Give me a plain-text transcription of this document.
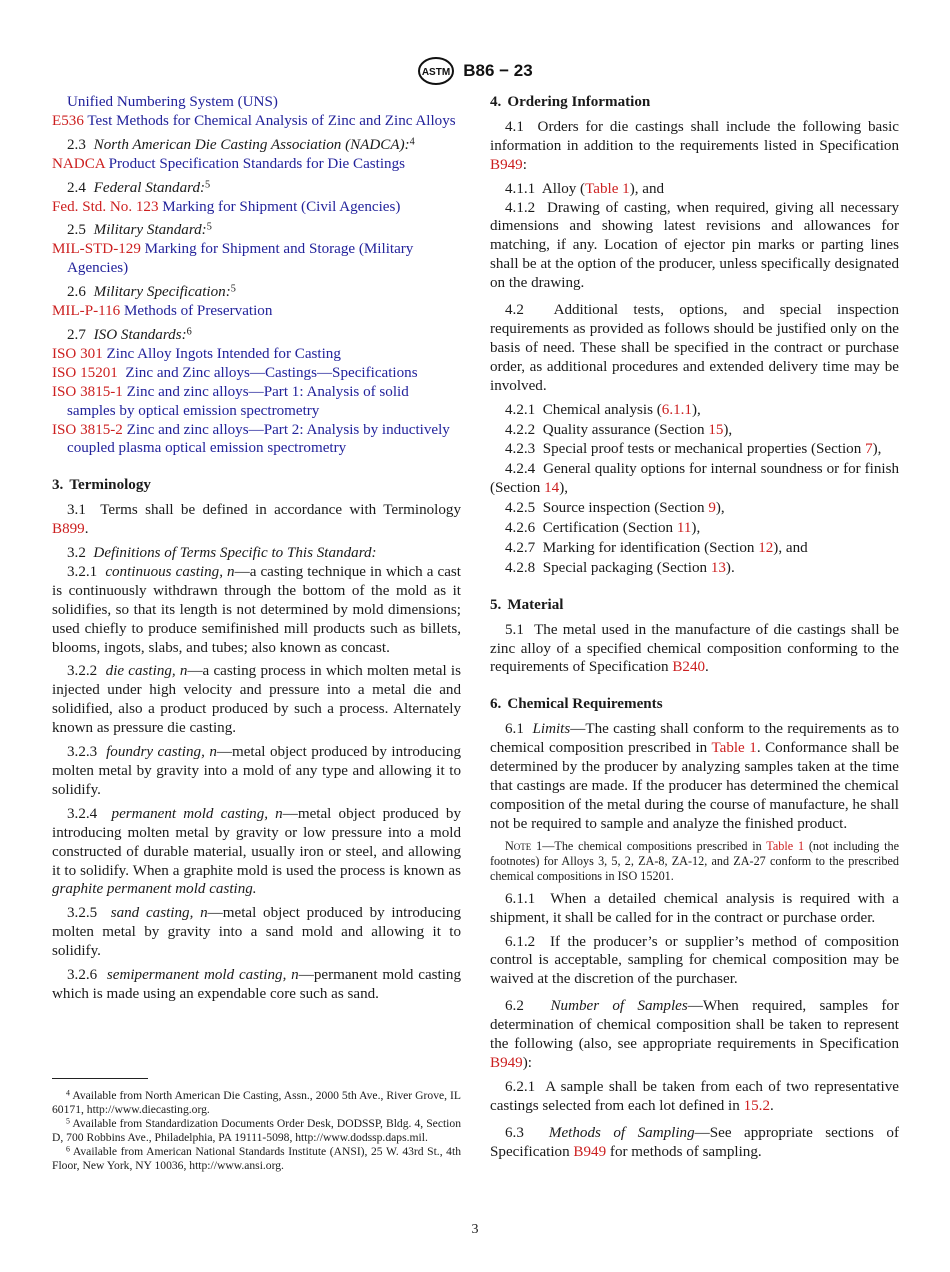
ASTM B86 − 23

Unified Numbering System (UNS)

E536 Test Methods for Chemical Analysis of Zinc and Zinc Alloys

2.3 North American Die Casting Association (NADCA):$^4$

NADCA Product Specification Standards for Die Castings

2.4 Federal Standard:$^5$

Fed. Std. No. 123 Marking for Shipment (Civil Agencies)

2.5 Military Standard:$^5$

MIL-STD-129 Marking for Shipment and Storage (Military Agencies)

2.6 Military Specification:$^5$

MIL-P-116 Methods of Preservation

2.7 ISO Standards:$^6$

ISO 301 Zinc Alloy Ingots Intended for Casting

ISO 15201 Zinc and Zinc alloys—Castings—Specifications

ISO 3815-1 Zinc and zinc alloys—Part 1: Analysis of solid samples by optical emission spectrometry

ISO 3815-2 Zinc and zinc alloys—Part 2: Analysis by inductively coupled plasma optical emission spectrometry

3. Terminology

3.1 Terms shall be defined in accordance with Terminology B899.

3.2 Definitions of Terms Specific to This Standard:

3.2.1 continuous casting, n—a casting technique in which a cast is continuously withdrawn through the bottom of the mold as it solidifies, so that its length is not determined by mold dimensions; used chiefly to produce semifinished mill products such as billets, blooms, ingots, slabs, and tubes; also known as concast.

3.2.2 die casting, n—a casting process in which molten metal is injected under high velocity and pressure into a metal die and solidified, also a product produced by such a process. Alternately known as pressure die casting.

3.2.3 foundry casting, n—metal object produced by introducing molten metal by gravity into a mold of any type and allowing it to solidify.

3.2.4 permanent mold casting, n—metal object produced by introducing molten metal by gravity or low pressure into a mold constructed of durable material, usually iron or steel, and allowing it to solidify. When a graphite mold is used the process is known as graphite permanent mold casting.

3.2.5 sand casting, n—metal object produced by introducing molten metal by gravity into a sand mold and allowing it to solidify.

3.2.6 semipermanent mold casting, n—permanent mold casting which is made using an expendable core such as sand.

$^4$ Available from North American Die Casting, Assn., 2000 5th Ave., River Grove, IL 60171, http://www.diecasting.org.

$^5$ Available from Standardization Documents Order Desk, DODSSP, Bldg. 4, Section D, 700 Robbins Ave., Philadelphia, PA 19111-5098, http://www.dodssp.daps.mil.

$^6$ Available from American National Standards Institute (ANSI), 25 W. 43rd St., 4th Floor, New York, NY 10036, http://www.ansi.org.

4. Ordering Information

4.1 Orders for die castings shall include the following basic information in addition to the requirements listed in Specification B949:

4.1.1 Alloy (Table 1), and

4.1.2 Drawing of casting, when required, giving all necessary dimensions and showing latest revisions and allowances for matching, if any. Location of ejector pin marks or parting lines shall be at the option of the producer, unless specifically designated on the drawing.

4.2 Additional tests, options, and special inspection requirements as provided as follows should be justified only on the basis of need. These shall be specified in the contract or purchase order, as additional procedures and extended delivery time may be involved.

4.2.1 Chemical analysis (6.1.1),

4.2.2 Quality assurance (Section 15),

4.2.3 Special proof tests or mechanical properties (Section 7),

4.2.4 General quality options for internal soundness or for finish (Section 14),

4.2.5 Source inspection (Section 9),

4.2.6 Certification (Section 11),

4.2.7 Marking for identification (Section 12), and

4.2.8 Special packaging (Section 13).

5. Material

5.1 The metal used in the manufacture of die castings shall be zinc alloy of a specified chemical composition conforming to the requirements of Specification B240.

6. Chemical Requirements

6.1 Limits—The casting shall conform to the requirements as to chemical composition prescribed in Table 1. Conformance shall be determined by the producer by analyzing samples taken at the time that castings are made. If the producer has determined the chemical composition of the metal during the course of manufacture, he shall not be required to sample and analyze the finished product.

Note 1—The chemical compositions prescribed in Table 1 (not including the footnotes) for Alloys 3, 5, 2, ZA-8, ZA-12, and ZA-27 conform to the prescribed chemical compositions in ISO 15201.

6.1.1 When a detailed chemical analysis is required with a shipment, it shall be called for in the contract or purchase order.

6.1.2 If the producer’s or supplier’s method of composition control is acceptable, sampling for chemical composition may be waived at the discretion of the purchaser.

6.2 Number of Samples—When required, samples for determination of chemical composition shall be taken to represent the following (also, see appropriate requirements in Specification B949):

6.2.1 A sample shall be taken from each of two representative castings selected from each lot defined in 15.2.

6.3 Methods of Sampling—See appropriate sections of Specification B949 for methods of sampling.

3
